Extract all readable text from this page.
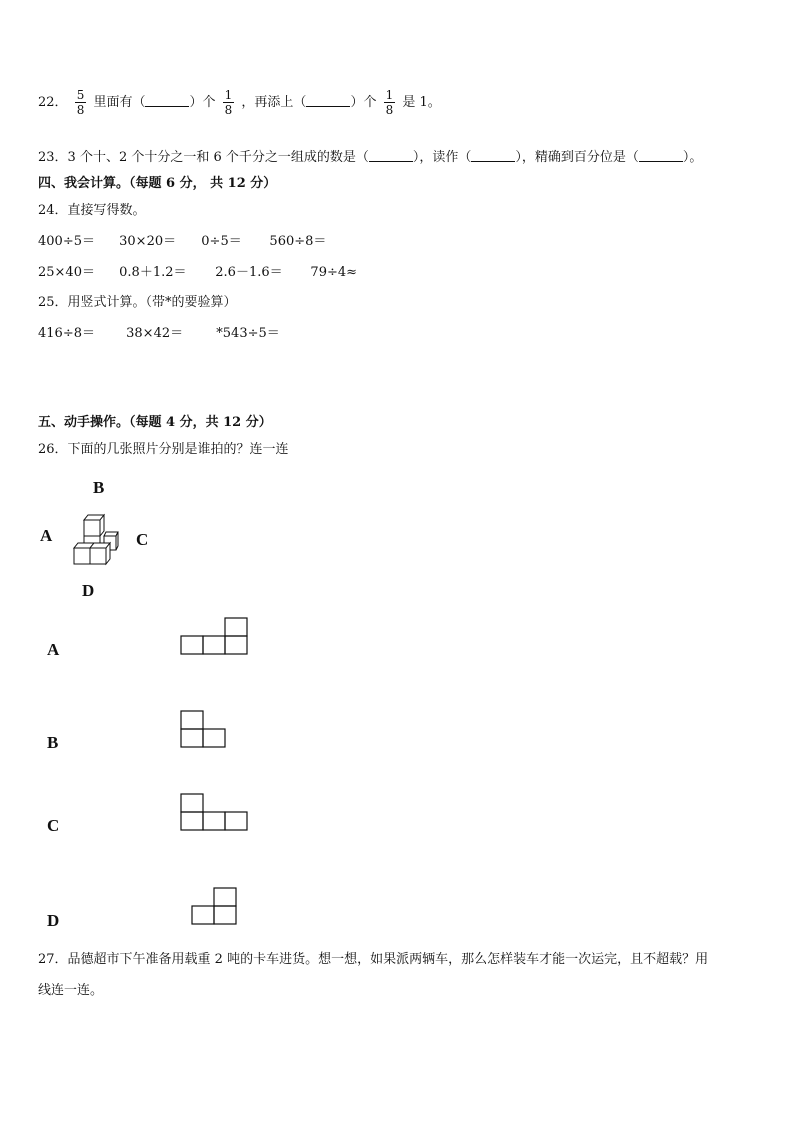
22． $\frac{5}{8}$ 里面有（	）个 $\frac{1}{8}$ ，再添上（	）个 $\frac{1}{8}$ 是 1。
23．3 个十、2 个十分之一和 6 个千分之一组成的数是（	），读作（	），精确到百分位是（	）。
四、我会计算。（每题 6 分， 共 12 分）
24．直接写得数。
400÷5＝ 30×20＝ 0÷5＝ 560÷8＝
25×40＝ 0.8＋1.2＝ 2.6－1.6＝ 79÷4≈
25．用竖式计算。（带*的要验算）
416÷8＝ 38×42＝	*543÷5＝
五、动手操作。（每题 4 分，共 12 分）
26．下面的几张照片分别是谁拍的？连一连
B
A	C
D
A
B
C
D
27．品德超市下午准备用载重 2 吨的卡车进货。想一想，如果派两辆车，那么怎样装车才能一次运完，且不超载？用
线连一连。
